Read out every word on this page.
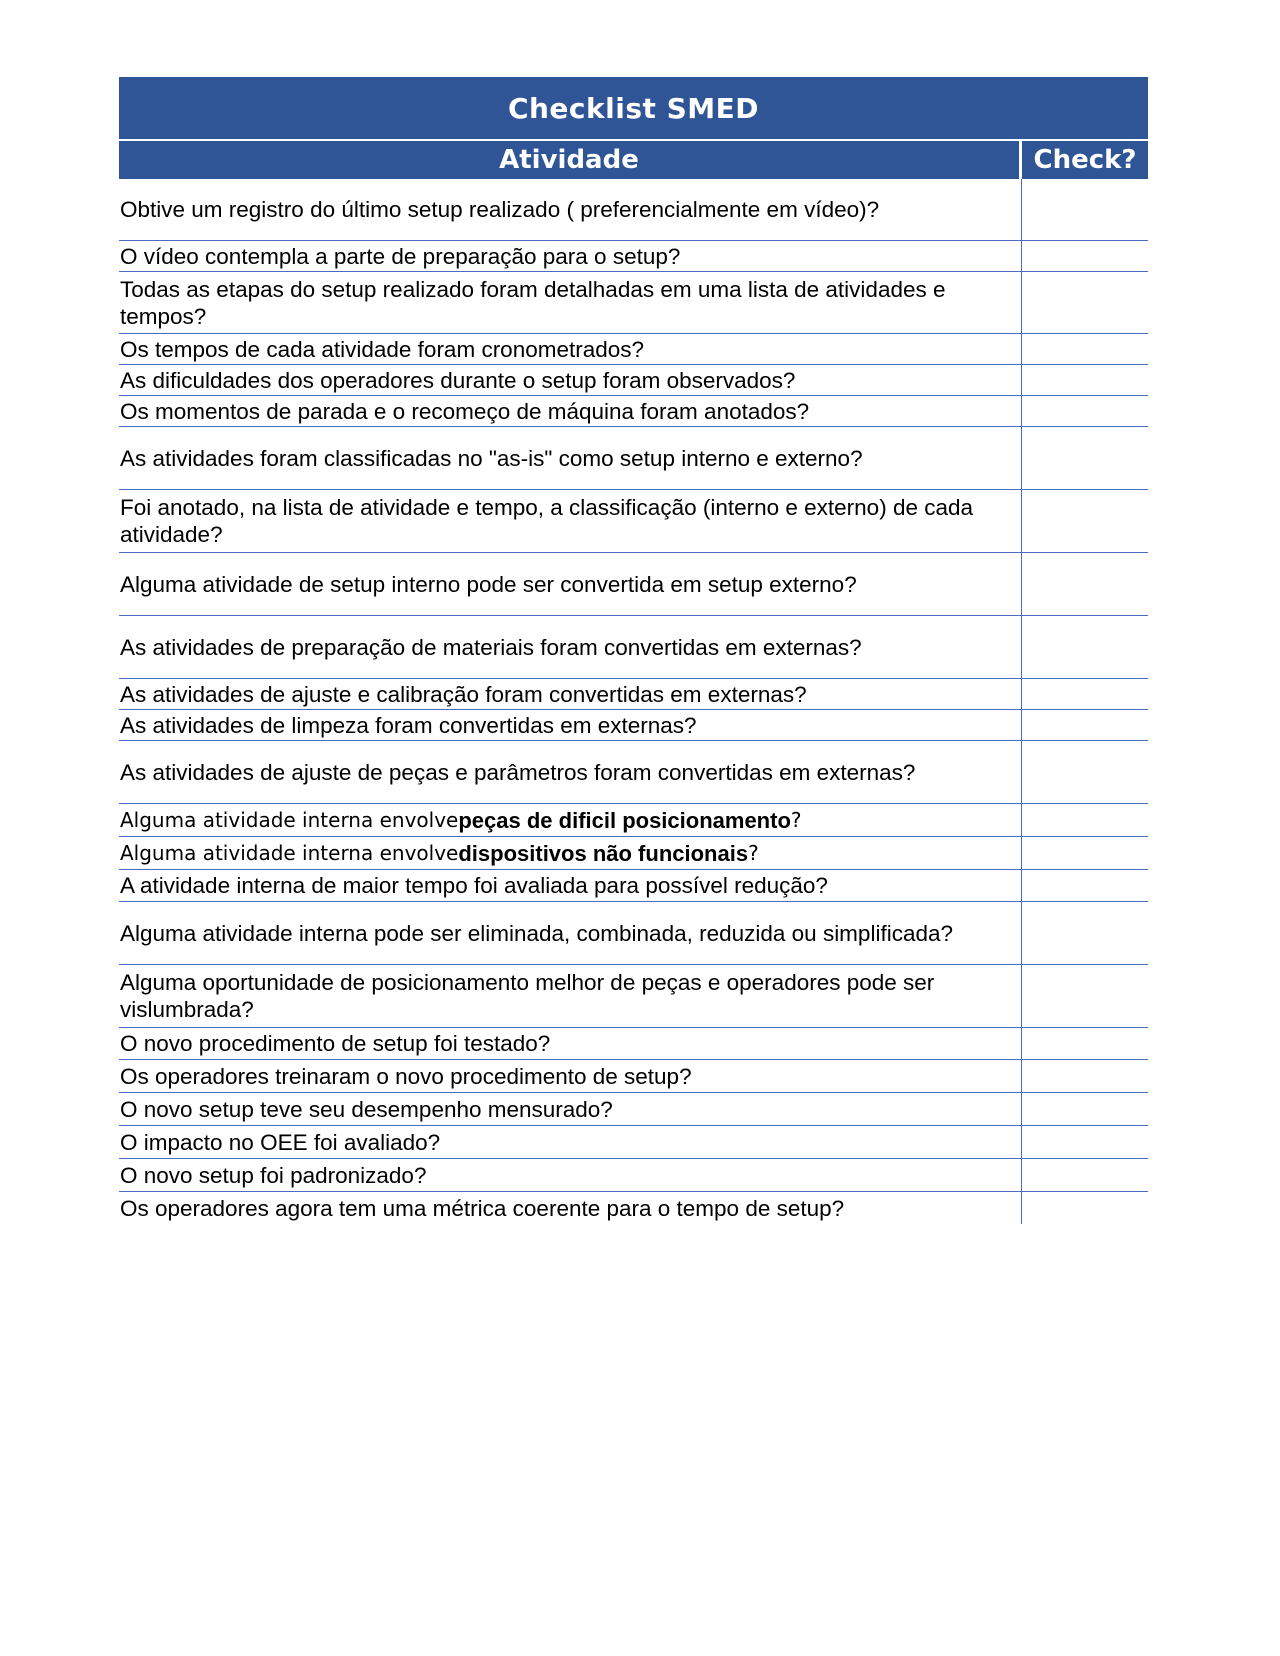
Checklist SMED
Atividade	Check?
Obtive um registro do último setup realizado ( preferencialmente em vídeo)?
O vídeo contempla a parte de preparação para o setup?
Todas as etapas do setup realizado foram detalhadas em uma lista de atividades e tempos?
Os tempos de cada atividade foram cronometrados?
As dificuldades dos operadores durante o setup foram observados?
Os momentos de parada e o recomeço de máquina foram anotados?
As atividades foram classificadas no "as-is" como setup interno e externo?
Foi anotado, na lista de atividade e tempo, a classificação (interno e externo) de cada atividade?
Alguma atividade de setup interno pode ser convertida em setup externo?
As atividades de preparação de materiais foram convertidas em externas?
As atividades de ajuste e calibração foram convertidas em externas?
As atividades de limpeza foram convertidas em externas?
As atividades de ajuste de peças e parâmetros foram convertidas em externas?
Alguma atividade interna envolve peças de dificil posicionamento ?
Alguma atividade interna envolve dispositivos não funcionais ?
A atividade interna de maior tempo foi avaliada para possível redução?
Alguma atividade interna pode ser eliminada, combinada, reduzida ou simplificada?
Alguma oportunidade de posicionamento melhor de peças e operadores pode ser vislumbrada?
O novo procedimento de setup foi testado?
Os operadores treinaram o novo procedimento de setup?
O novo setup teve seu desempenho mensurado?
O impacto no OEE foi avaliado?
O novo setup foi padronizado?
Os operadores agora tem uma métrica coerente para o tempo de setup?
